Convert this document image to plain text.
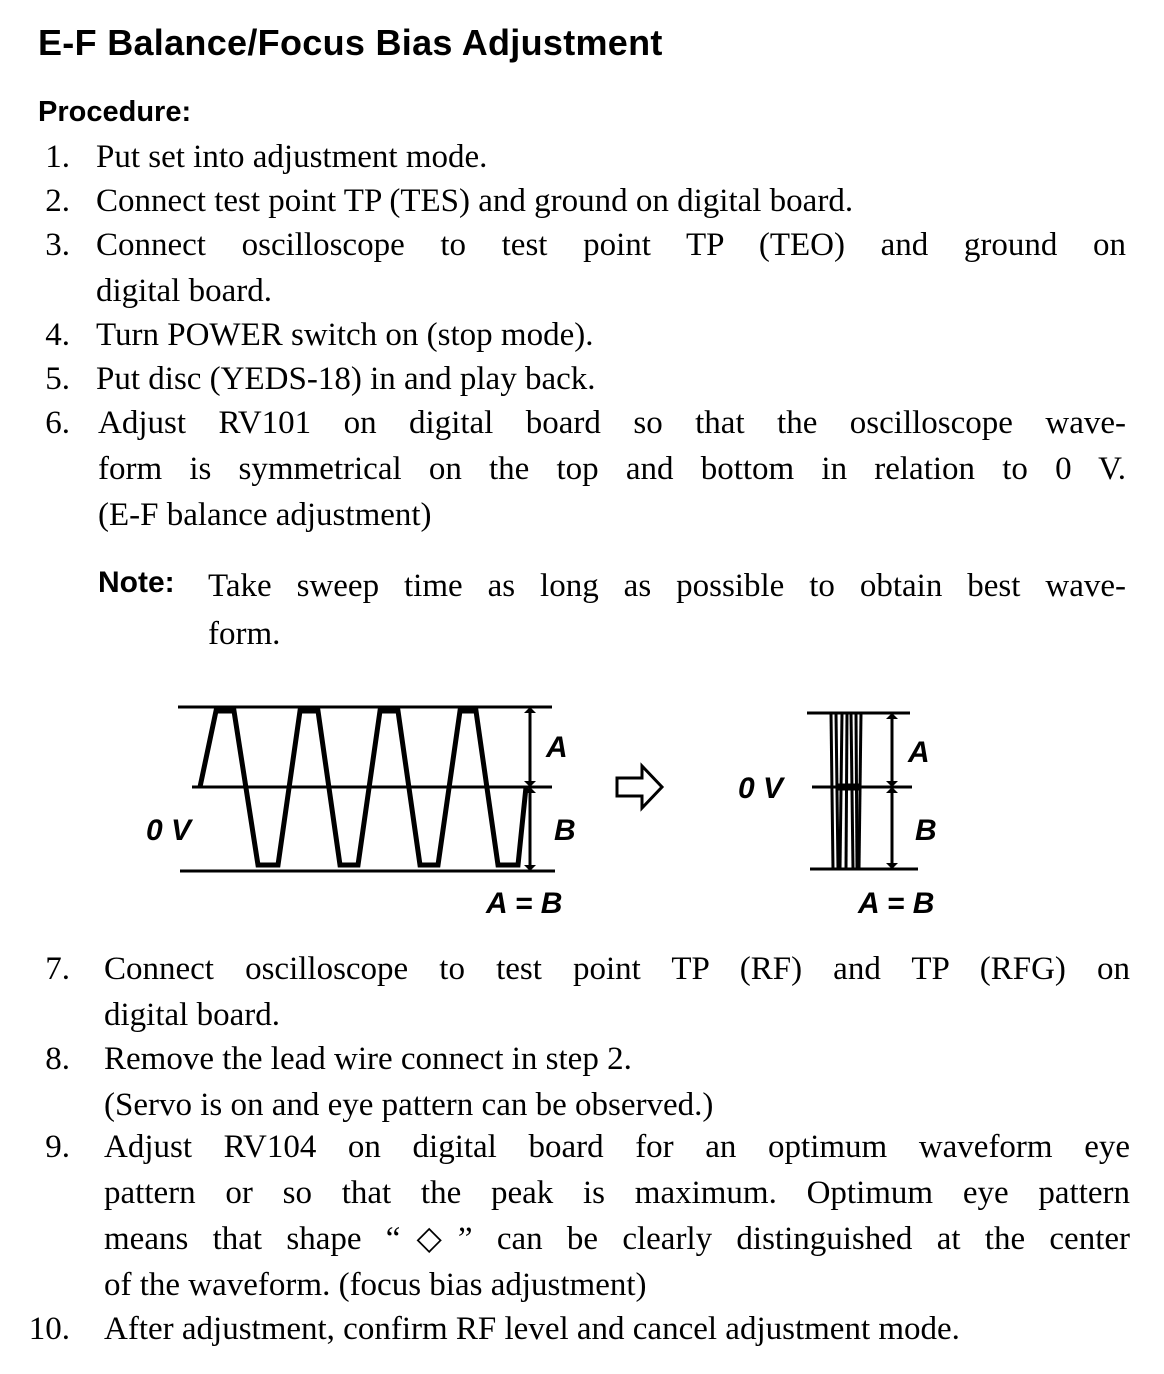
E-F Balance/Focus Bias Adjustment
Procedure:
1. Put set into adjustment mode.
2. Connect test point TP (TES) and ground on digital board.
3. Connect oscilloscope to test point TP (TEO) and ground on
digital board.
4. Turn POWER switch on (stop mode).
5. Put disc (YEDS-18) in and play back.
6. Adjust RV101 on digital board so that the oscilloscope wave-
form is symmetrical on the top and bottom in relation to 0 V.
(E-F balance adjustment)
Note: Take sweep time as long as possible to obtain best wave-
form.
0 V
A
B
A = B
0 V
A
B
A = B
7. Connect oscilloscope to test point TP (RF) and TP (RFG) on
digital board.
8. Remove the lead wire connect in step 2.
(Servo is on and eye pattern can be observed.)
9. Adjust RV104 on digital board for an optimum waveform eye
pattern or so that the peak is maximum. Optimum eye pattern
means that shape “◇” can be clearly distinguished at the center
of the waveform. (focus bias adjustment)
10. After adjustment, confirm RF level and cancel adjustment mode.
